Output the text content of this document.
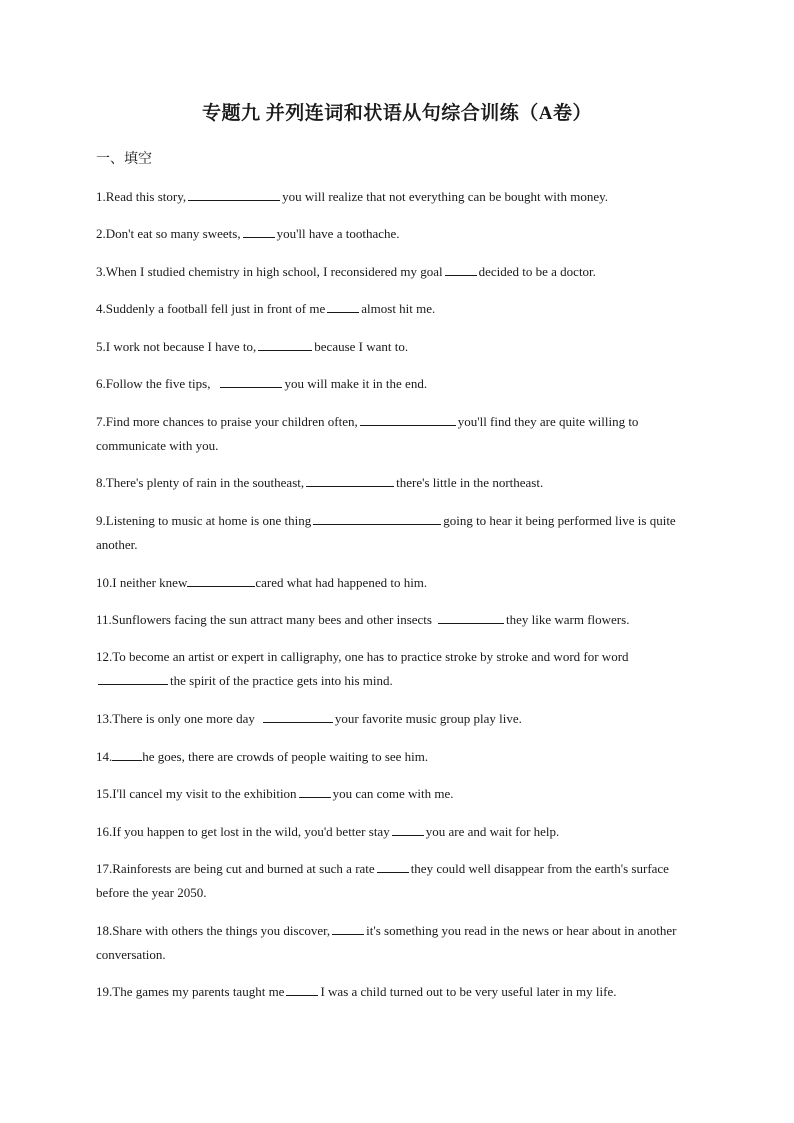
专题九 并列连词和状语从句综合训练（A卷）
一、填空
1.Read this story,	you will realize that not everything can be bought with money.
2.Don't eat so many sweets,	you'll have a toothache.
3.When I studied chemistry in high school, I reconsidered my goal	decided to be a doctor.
4.Suddenly a football fell just in front of me	almost hit me.
5.I work not because I have to,	because I want to.
6.Follow the five tips,	you will make it in the end.
7.Find more chances to praise your children often,	you'll find they are quite willing to communicate with you.
8.There's plenty of rain in the southeast,	there's little in the northeast.
9.Listening to music at home is one thing	going to hear it being performed live is quite another.
10.I neither knew	cared what had happened to him.
11.Sunflowers facing the sun attract many bees and other insects	they like warm flowers.
12.To become an artist or expert in calligraphy, one has to practice stroke by stroke and word for wordthe spirit of the practice gets into his mind.
13.There is only one more day	your favorite music group play live.
14. he goes, there are crowds of people waiting to see him.
15.I'll cancel my visit to the exhibition	you can come with me.
16.If you happen to get lost in the wild, you'd better stay	you are and wait for help.
17.Rainforests are being cut and burned at such a rate	they could well disappear from the earth's surface before the year 2050.
18.Share with others the things you discover,	it's something you read in the news or hear about in another conversation.
19.The games my parents taught me	I was a child turned out to be very useful later in my life.
